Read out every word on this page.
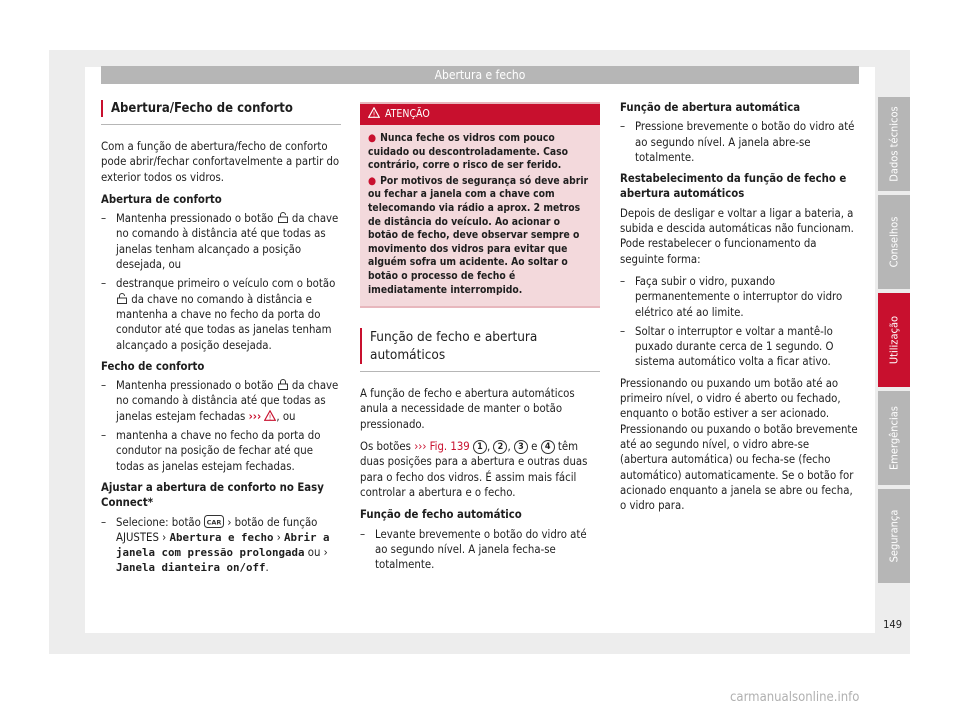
Abertura e fecho
Abertura/Fecho de conforto

Com a função de abertura/fecho de conforto pode abrir/fechar confortavelmente a partir do exterior todos os vidros.

Abertura de conforto
– Mantenha pressionado o botão da chave no comando à distância até que todas as janelas tenham alcançado a posição desejada, ou
– destranque primeiro o veículo com o botão  da chave no comando à distância e mantenha a chave no fecho da porta do condutor até que todas as janelas tenham alcançado a posição desejada.
Fecho de conforto
– Mantenha pressionado o botão da chave no comando à distância até que todas as janelas estejam fechadas ››› ! , ou
– mantenha a chave no fecho da porta do condutor na posição de fechar até que todas as janelas estejam fechadas.
Ajustar a abertura de conforto no Easy Connect*
– Selecione: botão CAR › botão de função AJUSTES › Abertura e fecho › Abrir a janela com pressão prolongada ou › Janela dianteira on/off.
! ATENÇÃO
● Nunca feche os vidros com pouco cuidado ou descontroladamente. Caso contrário, corre o risco de ser ferido.
● Por motivos de segurança só deve abrir ou fechar a janela com a chave com telecomando via rádio a aprox. 2 metros de distância do veículo. Ao acionar o botão de fecho, deve observar sempre o movimento dos vidros para evitar que alguém sofra um acidente. Ao soltar o botão o processo de fecho é imediatamente interrompido.
Função de fecho e abertura automáticos

A função de fecho e abertura automáticos anula a necessidade de manter o botão pressionado.

Os botões ››› Fig. 139 1 , 2 , 3 e 4 têm duas posições para a abertura e outras duas para o fecho dos vidros. É assim mais fácil controlar a abertura e o fecho.

Função de fecho automático
– Levante brevemente o botão do vidro até ao segundo nível. A janela fecha-se totalmente.
Função de abertura automática
– Pressione brevemente o botão do vidro até ao segundo nível. A janela abre-se totalmente.
Restabelecimento da função de fecho e abertura automáticos

Depois de desligar e voltar a ligar a bateria, a subida e descida automáticas não funcionam. Pode restabelecer o funcionamento da seguinte forma:

– Faça subir o vidro, puxando permanentemente o interruptor do vidro elétrico até ao limite.
– Soltar o interruptor e voltar a mantê-lo puxado durante cerca de 1 segundo. O sistema automático volta a ficar ativo.

Pressionando ou puxando um botão até ao primeiro nível, o vidro é aberto ou fechado, enquanto o botão estiver a ser acionado. Pressionando ou puxando o botão brevemente até ao segundo nível, o vidro abre-se (abertura automática) ou fecha-se (fecho automático) automaticamente. Se o botão for acionado enquanto a janela se abre ou fecha, o vidro para.

Dados técnicos
Conselhos
Utilização
Emergências
Segurança
149
carmanualsonline.info
